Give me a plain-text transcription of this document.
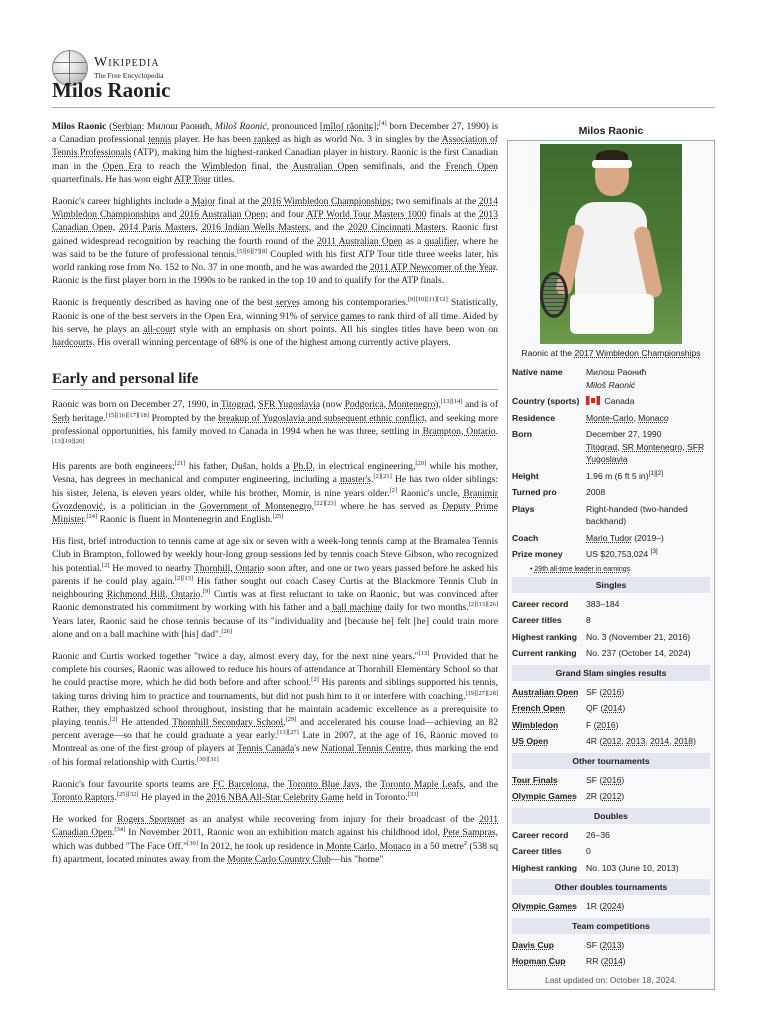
Wikipedia
The Free Encyclopedia
Milos Raonic

Milos Raonic (Serbian: Милош Раонић, Miloš Raonić, pronounced [mîloʃ râonitɕ];[4] born December 27, 1990) is a Canadian professional tennis player. He has been ranked as high as world No. 3 in singles by the Association of Tennis Professionals (ATP), making him the highest-ranked Canadian player in history. Raonic is the first Canadian man in the Open Era to reach the Wimbledon final, the Australian Open semifinals, and the French Open quarterfinals. He has won eight ATP Tour titles.

Raonic's career highlights include a Major final at the 2016 Wimbledon Championships; two semifinals at the 2014 Wimbledon Championships and 2016 Australian Open; and four ATP World Tour Masters 1000 finals at the 2013 Canadian Open, 2014 Paris Masters, 2016 Indian Wells Masters, and the 2020 Cincinnati Masters. Raonic first gained widespread recognition by reaching the fourth round of the 2011 Australian Open as a qualifier, where he was said to be the future of professional tennis.[5][6][7][8] Coupled with his first ATP Tour title three weeks later, his world ranking rose from No. 152 to No. 37 in one month, and he was awarded the 2011 ATP Newcomer of the Year. Raonic is the first player born in the 1990s to be ranked in the top 10 and to qualify for the ATP finals.

Raonic is frequently described as having one of the best serves among his contemporaries.[9][10][11][12] Statistically, Raonic is one of the best servers in the Open Era, winning 91% of service games to rank third of all time. Aided by his serve, he plays an all-court style with an emphasis on short points. All his singles titles have been won on hardcourts. His overall winning percentage of 68% is one of the highest among currently active players.

Early and personal life

Raonic was born on December 27, 1990, in Titograd, SFR Yugoslavia (now Podgorica, Montenegro),[13][14] and is of Serb heritage.[15][16][17][18] Prompted by the breakup of Yugoslavia and subsequent ethnic conflict, and seeking more professional opportunities, his family moved to Canada in 1994 when he was three, settling in Brampton, Ontario.[13][19][20]

His parents are both engineers;[21] his father, Dušan, holds a Ph.D. in electrical engineering,[20] while his mother, Vesna, has degrees in mechanical and computer engineering, including a master's.[2][21] He has two older siblings: his sister, Jelena, is eleven years older, while his brother, Momir, is nine years older.[2] Raonic's uncle, Branimir Gvozdenović, is a politician in the Government of Montenegro,[22][23] where he has served as Deputy Prime Minister.[24] Raonic is fluent in Montenegrin and English.[25]

His first, brief introduction to tennis came at age six or seven with a week-long tennis camp at the Bramalea Tennis Club in Brampton, followed by weekly hour-long group sessions led by tennis coach Steve Gibson, who recognized his potential.[2] He moved to nearby Thornhill, Ontario soon after, and one or two years passed before he asked his parents if he could play again.[2][13] His father sought out coach Casey Curtis at the Blackmore Tennis Club in neighbouring Richmond Hill, Ontario.[9] Curtis was at first reluctant to take on Raonic, but was convinced after Raonic demonstrated his commitment by working with his father and a ball machine daily for two months.[2][13][26] Years later, Raonic said he chose tennis because of its "individuality and [because he] felt [he] could train more alone and on a ball machine with [his] dad".[26]

Raonic and Curtis worked together "twice a day, almost every day, for the next nine years."[13] Provided that he complete his courses, Raonic was allowed to reduce his hours of attendance at Thornhill Elementary School so that he could practise more, which he did both before and after school.[2] His parents and siblings supported his tennis, taking turns driving him to practice and tournaments, but did not push him to it or interfere with coaching.[19][27][28] Rather, they emphasized school throughout, insisting that he maintain academic excellence as a prerequisite to playing tennis.[2] He attended Thornhill Secondary School,[29] and accelerated his course load—achieving an 82 percent average—so that he could graduate a year early.[13][27] Late in 2007, at the age of 16, Raonic moved to Montreal as one of the first group of players at Tennis Canada's new National Tennis Centre, thus marking the end of his formal relationship with Curtis.[30][31]

Raonic's four favourite sports teams are FC Barcelona, the Toronto Blue Jays, the Toronto Maple Leafs, and the Toronto Raptors.[25][32] He played in the 2016 NBA All-Star Celebrity Game held in Toronto.[33]

He worked for Rogers Sportsnet as an analyst while recovering from injury for their broadcast of the 2011 Canadian Open.[34] In November 2011, Raonic won an exhibition match against his childhood idol, Pete Sampras, which was dubbed "The Face Off."[30] In 2012, he took up residence in Monte Carlo, Monaco in a 50 metre$^2$ (538 sq ft) apartment, located minutes away from the Monte Carlo Country Club—his "home"

Milos Raonic
Raonic at the 2017 Wimbledon Championships
Native name	Милош Раонић
Miloš Raonić
Country (sports)	Canada
Residence	Monte-Carlo, Monaco
Born	December 27, 1990
Titograd, SR Montenegro, SFR Yugoslavia
Height	1.96 m (6 ft 5 in)[1][2]
Turned pro	2008
Plays	Right-handed (two-handed backhand)
Coach	Mario Tudor (2019–)
Prize money	US $20,753,024 [3]
• 29th all-time leader in earnings
Singles
Career record	383–184
Career titles	8
Highest ranking	No. 3 (November 21, 2016)
Current ranking	No. 237 (October 14, 2024)
Grand Slam singles results
Australian Open SF (2016)
French Open	QF (2014)
Wimbledon	F (2016)
US Open	4R (2012, 2013, 2014, 2018)
Other tournaments
Tour Finals	SF (2016)
Olympic Games	2R (2012)
Doubles
Career record	26–36
Career titles	0
Highest ranking	No. 103 (June 10, 2013)
Other doubles tournaments
Olympic Games	1R (2024)
Team competitions
Davis Cup	SF (2013)
Hopman Cup	RR (2014)
Last updated on: October 18, 2024.
